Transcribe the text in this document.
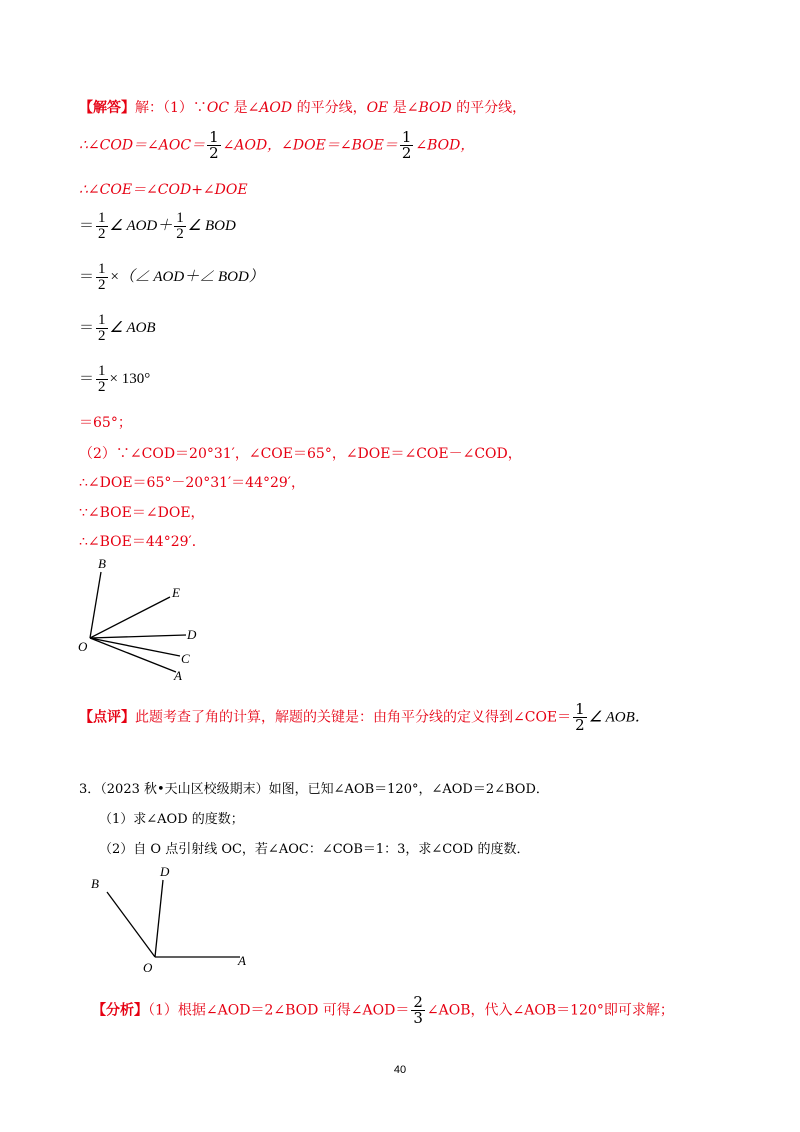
【解答】解：（1）∵OC 是∠AOD 的平分线，OE 是∠BOD 的平分线，
∴∠COD＝∠AOC＝ $\frac{1}{2}$ ∠AOD，∠DOE＝∠BOE＝ $\frac{1}{2}$ ∠BOD，
∴∠COE＝∠COD+∠DOE
＝ $\frac{1}{2}$ ∠ $AOD+ \frac{1}{2}$ ∠ BOD
＝ $\frac{1}{2}$ ×（∠ AOD＋∠ BOD）
＝ $\frac{1}{2}$ ∠ AOB
＝ $\frac{1}{2} \times 130^\circ$
＝65°；
（2）∵∠COD＝20°31′，∠COE＝65°，∠DOE＝∠COE－∠COD，
∴∠DOE＝65°－20°31′＝44°29′，
∵∠BOE＝∠DOE，
∴∠BOE＝44°29′．
B
E
D
O
C
A
【点评】此题考查了角的计算，解题的关键是：由角平分线的定义得到∠COE＝ $\frac{1}{2}$ ∠ AOB．
3．（2023 秋•天山区校级期末）如图，已知∠AOB＝120°，∠AOD＝2∠BOD．
（1）求∠AOD 的度数；
（2）自 O 点引射线 OC，若∠AOC：∠COB＝1：3，求∠COD 的度数．
B
D
O	A
【分析】（1）根据∠AOD＝2∠BOD 可得∠AOD＝ $\frac{2}{3}$ ∠AOB，代入∠AOB＝120°即可求解；
40
